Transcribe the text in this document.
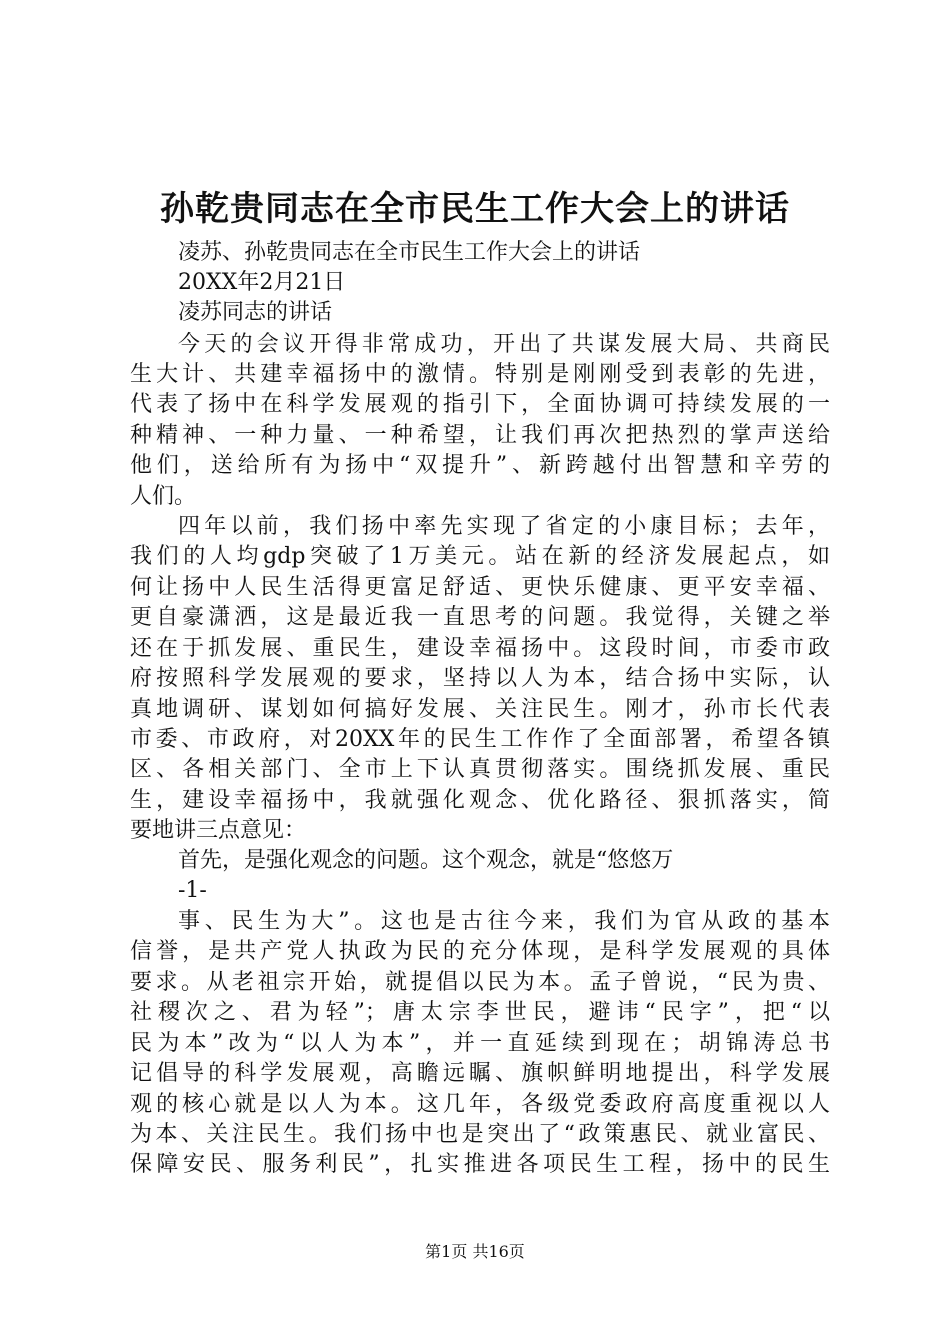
孙乾贵同志在全市民生工作大会上的讲话
凌苏、孙乾贵同志在全市民生工作大会上的讲话
20XX年2月21日
凌苏同志的讲话
今天的会议开得非常成功，开出了共谋发展大局、共商民
生大计、共建幸福扬中的激情。特别是刚刚受到表彰的先进，
代表了扬中在科学发展观的指引下，全面协调可持续发展的一
种精神、一种力量、一种希望，让我们再次把热烈的掌声送给
他们，送给所有为扬中“双提升”、新跨越付出智慧和辛劳的
人们。
四年以前，我们扬中率先实现了省定的小康目标；去年，
我们的人均gdp突破了1万美元。站在新的经济发展起点，如
何让扬中人民生活得更富足舒适、更快乐健康、更平安幸福、
更自豪潇洒，这是最近我一直思考的问题。我觉得，关键之举
还在于抓发展、重民生，建设幸福扬中。这段时间，市委市政
府按照科学发展观的要求，坚持以人为本，结合扬中实际，认
真地调研、谋划如何搞好发展、关注民生。刚才，孙市长代表
市委、市政府，对20XX年的民生工作作了全面部署，希望各镇
区、各相关部门、全市上下认真贯彻落实。围绕抓发展、重民
生，建设幸福扬中，我就强化观念、优化路径、狠抓落实，简
要地讲三点意见：
首先，是强化观念的问题。这个观念，就是“悠悠万
-1-
事、民生为大”。这也是古往今来，我们为官从政的基本
信誉，是共产党人执政为民的充分体现，是科学发展观的具体
要求。从老祖宗开始，就提倡以民为本。孟子曾说，“民为贵、
社稷次之、君为轻”；唐太宗李世民，避讳“民字”，把“以
民为本”改为“以人为本”，并一直延续到现在；胡锦涛总书
记倡导的科学发展观，高瞻远瞩、旗帜鲜明地提出，科学发展
观的核心就是以人为本。这几年，各级党委政府高度重视以人
为本、关注民生。我们扬中也是突出了“政策惠民、就业富民、
保障安民、服务利民”，扎实推进各项民生工程，扬中的民生
第1页 共16页
